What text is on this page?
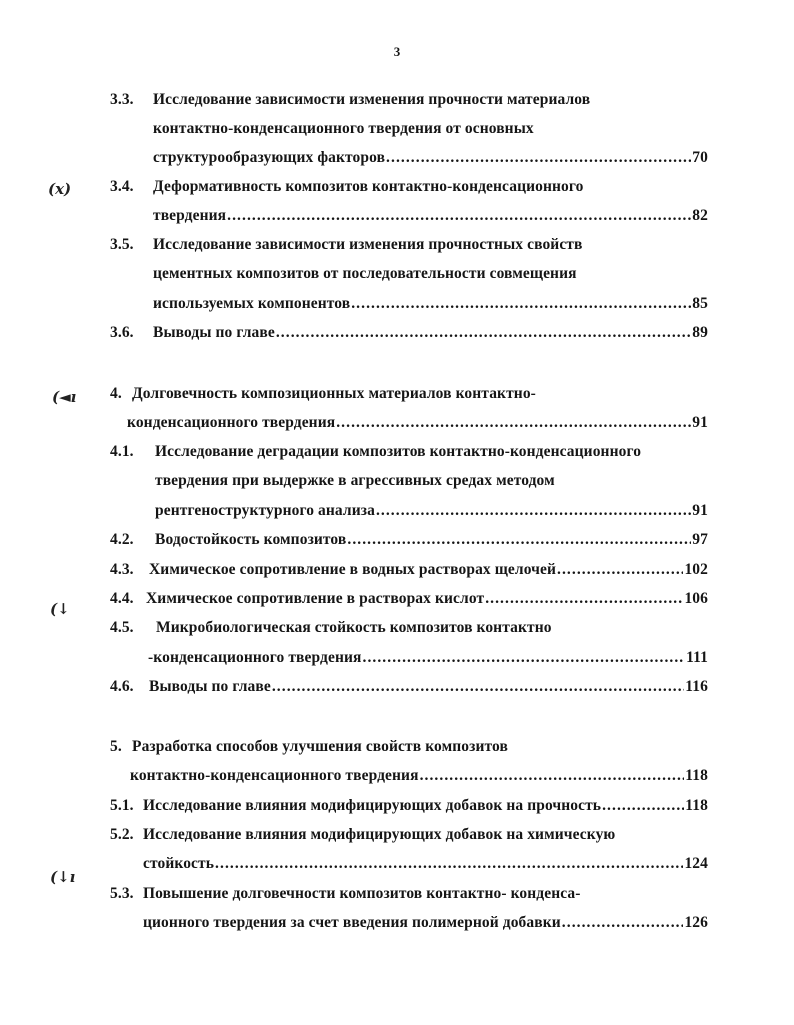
3
(х)
(◄ı
(↓
(↓ı
3.3. Исследование зависимости изменения прочности материалов
контактно-конденсационного твердения от основных
структурообразующих факторов . . .	70
3.4. Деформативность композитов контактно-конденсационного
твердения . . .	82
3.5. Исследование зависимости изменения прочностных свойств
цементных композитов от последовательности совмещения
используемых компонентов . . .	85
3.6.	Выводы по главе . . .	89
4. Долговечность композиционных материалов контактно-
конденсационного твердения . . .	91
4.1. Исследование деградации композитов контактно-конденсационного
твердения при выдержке в агрессивных средах методом
рентгеноструктурного анализа . . .	91
4.2.	Водостойкость композитов . . .	97
4.3. Химическое сопротивление в водных растворах щелочей . . .	102
4.4. Химическое сопротивление в растворах кислот . . .	106
4.5. Микробиологическая стойкость композитов контактно
-конденсационного твердения . . .	111
4.6. Выводы по главе . . .	116
5. Разработка способов улучшения свойств композитов
контактно-конденсационного твердения . . .	118
5.1. Исследование влияния модифицирующих добавок на прочность . . .	118
5.2. Исследование влияния модифицирующих добавок на химическую
стойкость . . .	124
5.3. Повышение долговечности композитов контактно- конденса-
ционного твердения за счет введения полимерной добавки . . .	126
